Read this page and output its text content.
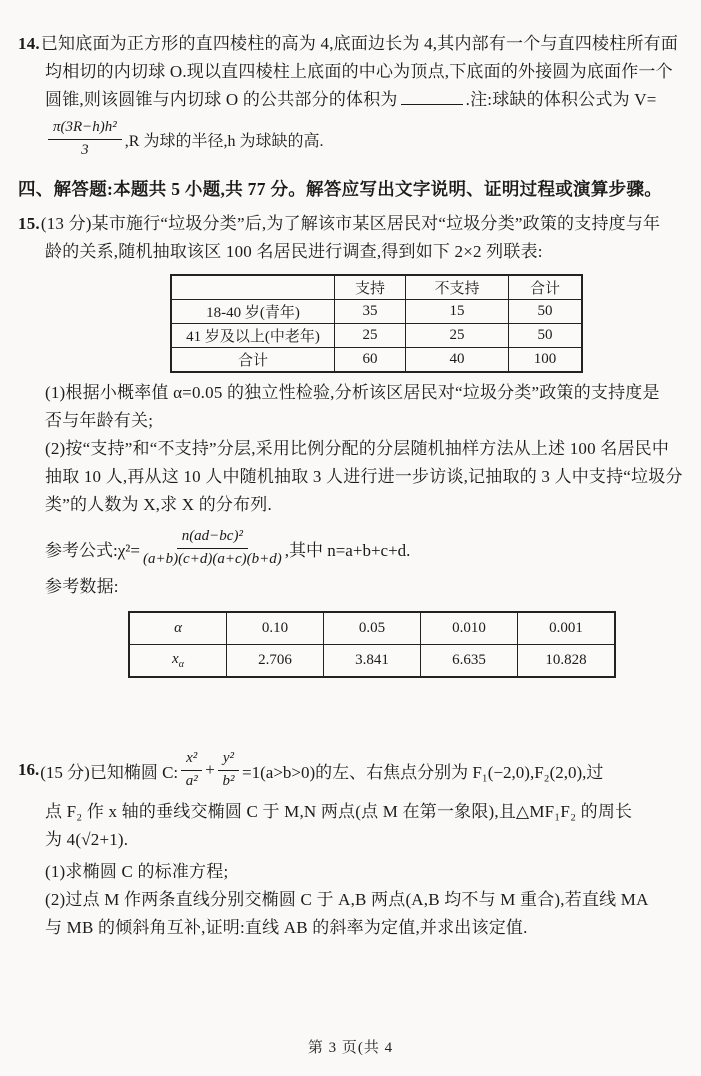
14.已知底面为正方形的直四棱柱的高为 4,底面边长为 4,其内部有一个与直四棱柱所有面
均相切的内切球 O.现以直四棱柱上底面的中心为顶点,下底面的外接圆为底面作一个
圆锥,则该圆锥与内切球 O 的公共部分的体积为	.注:球缺的体积公式为 V=
$\frac{\text{π(3R−h)h²}}{3} ,R$ 为球的半径,h 为球缺的高.
四、解答题:本题共 5 小题,共 77 分。解答应写出文字说明、证明过程或演算步骤。
15.(13 分)某市施行“垃圾分类”后,为了解该市某区居民对“垃圾分类”政策的支持度与年
龄的关系,随机抽取该区 100 名居民进行调查,得到如下 2×2 列联表:
	支持	不支持	合计
18-40 岁(青年)	35	15	50
41 岁及以上(中老年)	25	25	50
合计	60	40	100
(1)根据小概率值 α=0.05 的独立性检验,分析该区居民对“垃圾分类”政策的支持度是
否与年龄有关;
(2)按“支持”和“不支持”分层,采用比例分配的分层随机抽样方法从上述 100 名居民中
抽取 10 人,再从这 10 人中随机抽取 3 人进行进一步访谈,记抽取的 3 人中支持“垃圾分
类”的人数为 X,求 X 的分布列.
参考公式:χ²= $\frac{\text{n(ad−bc)²}}{(a+b)(c+d)(a+c)(b+d)}$ ,其中 n=a+b+c+d.
参考数据:
α	0.10	0.05	0.010	0.001
$x_\alpha$	2.706	3.841	6.635	10.828
16. (15 分)已知椭圆 C: $\frac{\text{x²}}{\text{a²}} + \frac{\text{y²}}{\text{b²}} =1(a>b>0)$的左、右焦点分别为 F₁(−2,0),F₂(2,0),过
点 F₂ 作 x 轴的垂线交椭圆 C 于 M,N 两点(点 M 在第一象限),且△MF₁F₂ 的周长
为 4(√2+1).
(1)求椭圆 C 的标准方程;
(2)过点 M 作两条直线分别交椭圆 C 于 A,B 两点(A,B 均不与 M 重合),若直线 MA
与 MB 的倾斜角互补,证明:直线 AB 的斜率为定值,并求出该定值.
第 3 页(共 4
